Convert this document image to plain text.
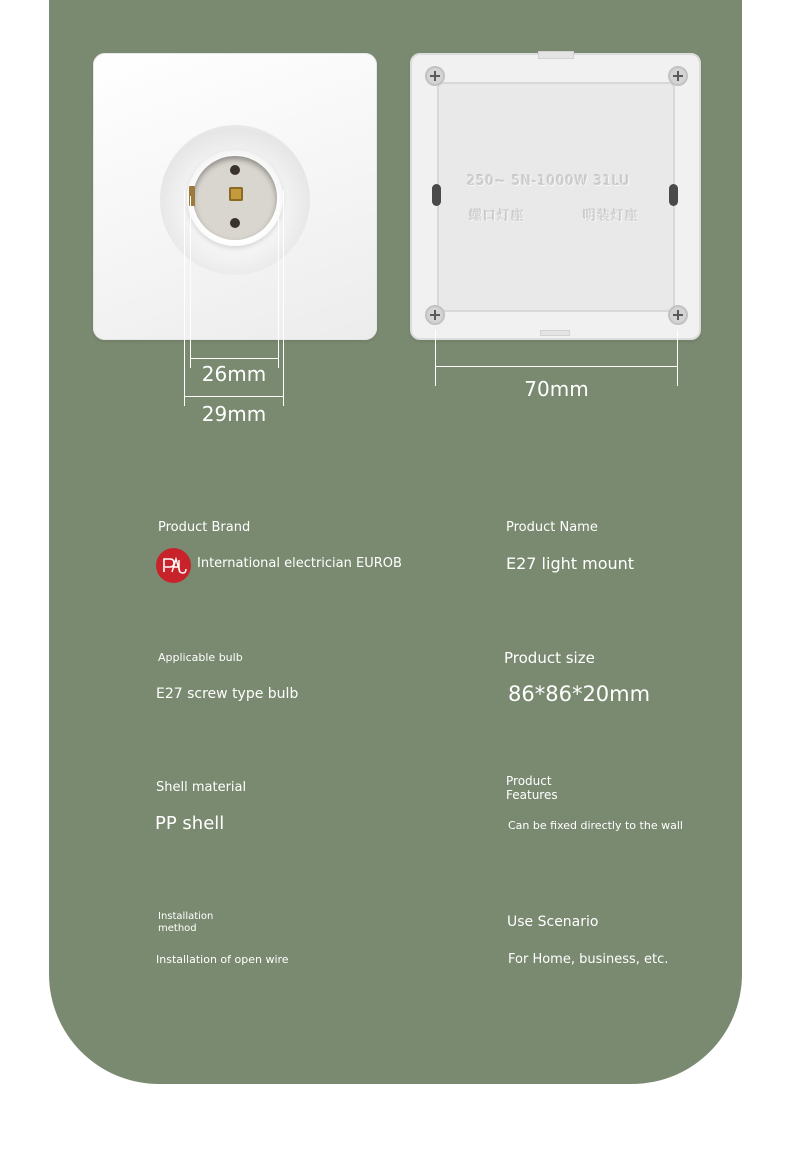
250~ 5N-1000W 31LU
螺口灯座	明装灯座
26mm
29mm
70mm
Product Brand
International electrician EUROB
Product Name
E27 light mount
Applicable bulb
E27 screw type bulb
Product size
86*86*20mm
Shell material
PP shell
Product
Features
Can be fixed directly to the wall
Installation
method
Installation of open wire
Use Scenario
For Home, business, etc.
